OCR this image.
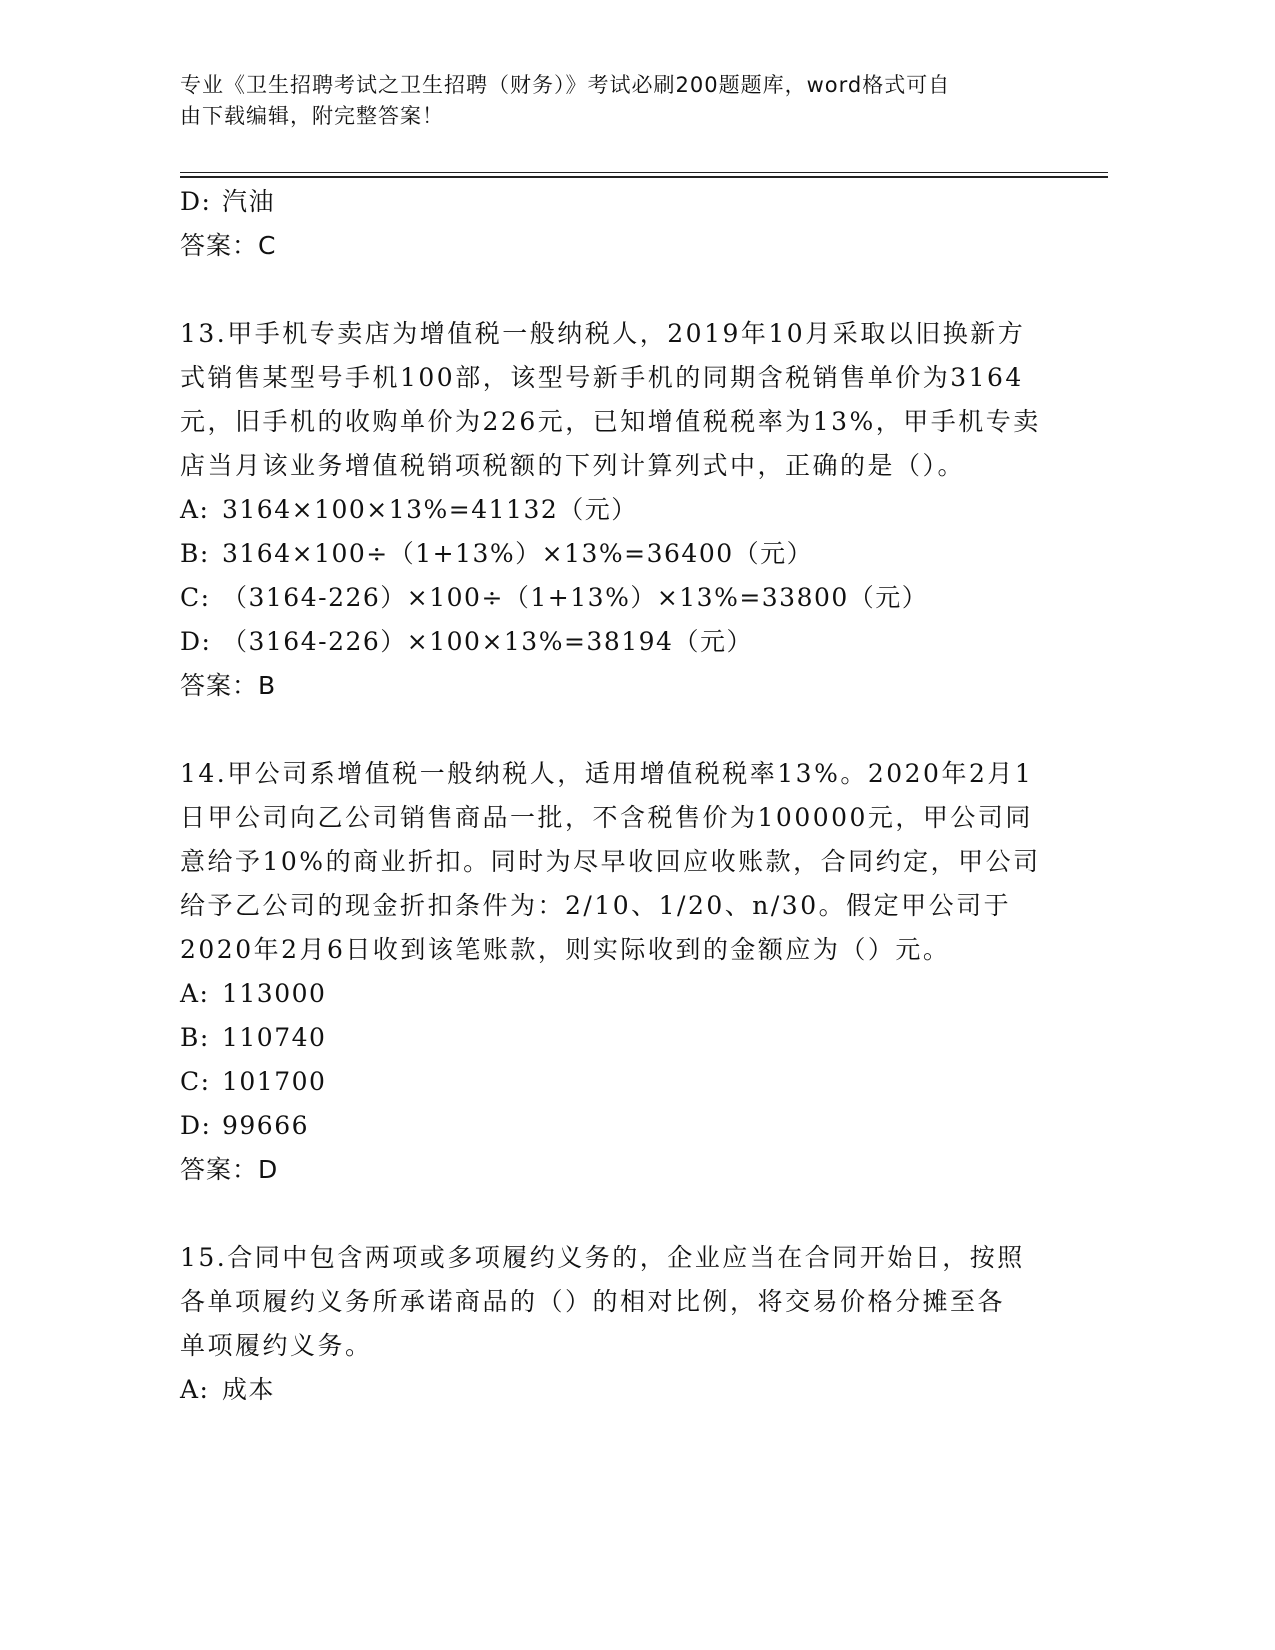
专业《卫生招聘考试之卫生招聘（财务）》考试必刷200题题库，word格式可自
由下载编辑，附完整答案！
D: 汽油
答案：C
13.甲手机专卖店为增值税一般纳税人，2019年10月采取以旧换新方
式销售某型号手机100部，该型号新手机的同期含税销售单价为3164
元，旧手机的收购单价为226元，已知增值税税率为13%，甲手机专卖
店当月该业务增值税销项税额的下列计算列式中，正确的是（）。
A: 3164×100×13%=41132（元）
B: 3164×100÷（1+13%）×13%=36400（元）
C: （3164-226）×100÷（1+13%）×13%=33800（元）
D: （3164-226）×100×13%=38194（元）
答案：B
14.甲公司系增值税一般纳税人，适用增值税税率13%。2020年2月1
日甲公司向乙公司销售商品一批，不含税售价为100000元，甲公司同
意给予10%的商业折扣。同时为尽早收回应收账款，合同约定，甲公司
给予乙公司的现金折扣条件为：2/10、1/20、n/30。假定甲公司于
2020年2月6日收到该笔账款，则实际收到的金额应为（）元。
A: 113000
B: 110740
C: 101700
D: 99666
答案：D
15.合同中包含两项或多项履约义务的，企业应当在合同开始日，按照
各单项履约义务所承诺商品的（）的相对比例，将交易价格分摊至各
单项履约义务。
A: 成本
